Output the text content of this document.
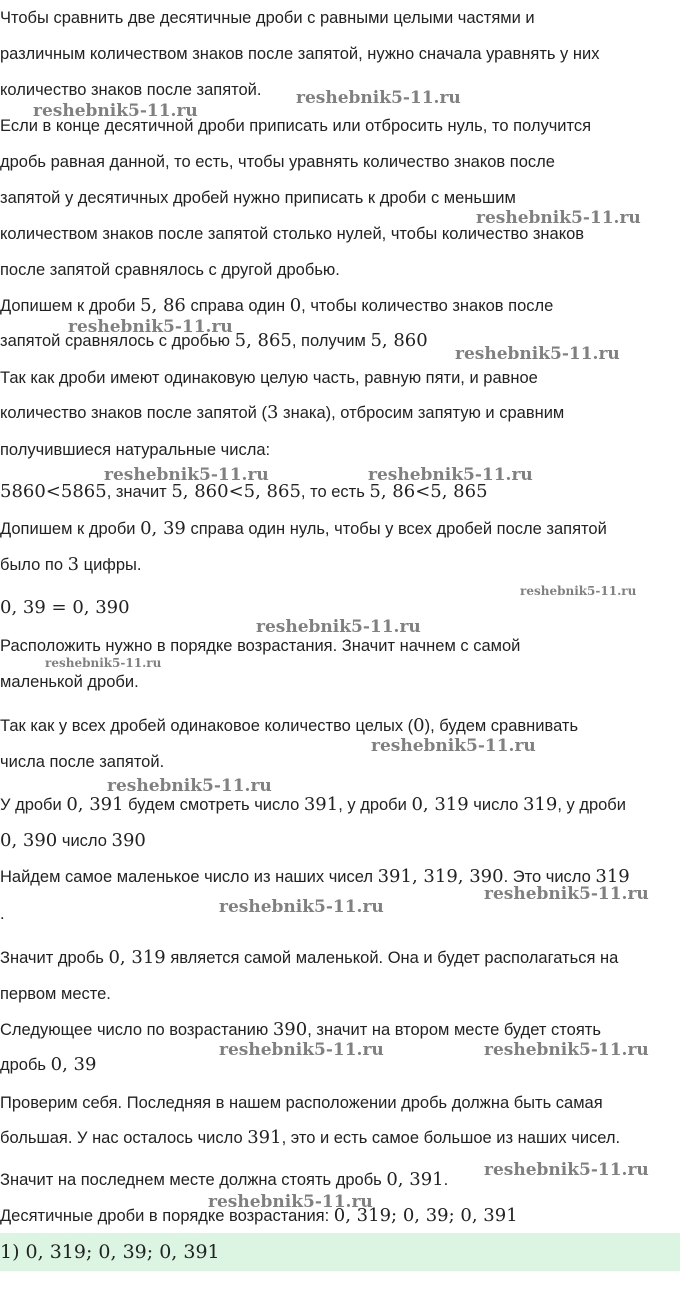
Чтобы сравнить две десятичные дроби с равными целыми частями и
различным количеством знаков после запятой, нужно сначала уравнять у них
количество знаков после запятой.
Если в конце десятичной дроби приписать или отбросить нуль, то получится
дробь равная данной, то есть, чтобы уравнять количество знаков после
запятой у десятичных дробей нужно приписать к дроби с меньшим
количеством знаков после запятой столько нулей, чтобы количество знаков
после запятой сравнялось с другой дробью.
Допишем к дроби 5, 86 справа один 0, чтобы количество знаков после
запятой сравнялось с дробью 5, 865, получим 5, 860
Так как дроби имеют одинаковую целую часть, равную пяти, и равное
количество знаков после запятой (3 знака), отбросим запятую и сравним
получившиеся натуральные числа:
5860<5865, значит 5, 860<5, 865, то есть 5, 86<5, 865
Допишем к дроби 0, 39 справа один нуль, чтобы у всех дробей после запятой
было по 3 цифры.
0, 39 = 0, 390
Расположить нужно в порядке возрастания. Значит начнем с самой
маленькой дроби.
Так как у всех дробей одинаковое количество целых (0), будем сравнивать
числа после запятой.
У дроби 0, 391 будем смотреть число 391, у дроби 0, 319 число 319, у дроби
0, 390 число 390
Найдем самое маленькое число из наших чисел 391, 319, 390. Это число 319
.
Значит дробь 0, 319 является самой маленькой. Она и будет располагаться на
первом месте.
Следующее число по возрастанию 390, значит на втором месте будет стоять
дробь 0, 39
Проверим себя. Последняя в нашем расположении дробь должна быть самая
большая. У нас осталось число 391, это и есть самое большое из наших чисел.
Значит на последнем месте должна стоять дробь 0, 391.
Десятичные дроби в порядке возрастания: 0, 319; 0, 39; 0, 391
1) 0, 319; 0, 39; 0, 391
reshebnik5-11.ru
reshebnik5-11.ru
reshebnik5-11.ru
reshebnik5-11.ru
reshebnik5-11.ru
reshebnik5-11.ru	reshebnik5-11.ru
reshebnik5-11.ru
reshebnik5-11.ru
reshebnik5-11.ru
reshebnik5-11.ru
reshebnik5-11.ru
reshebnik5-11.ru
reshebnik5-11.ru
reshebnik5-11.ru	reshebnik5-11.ru
reshebnik5-11.ru
reshebnik5-11.ru
